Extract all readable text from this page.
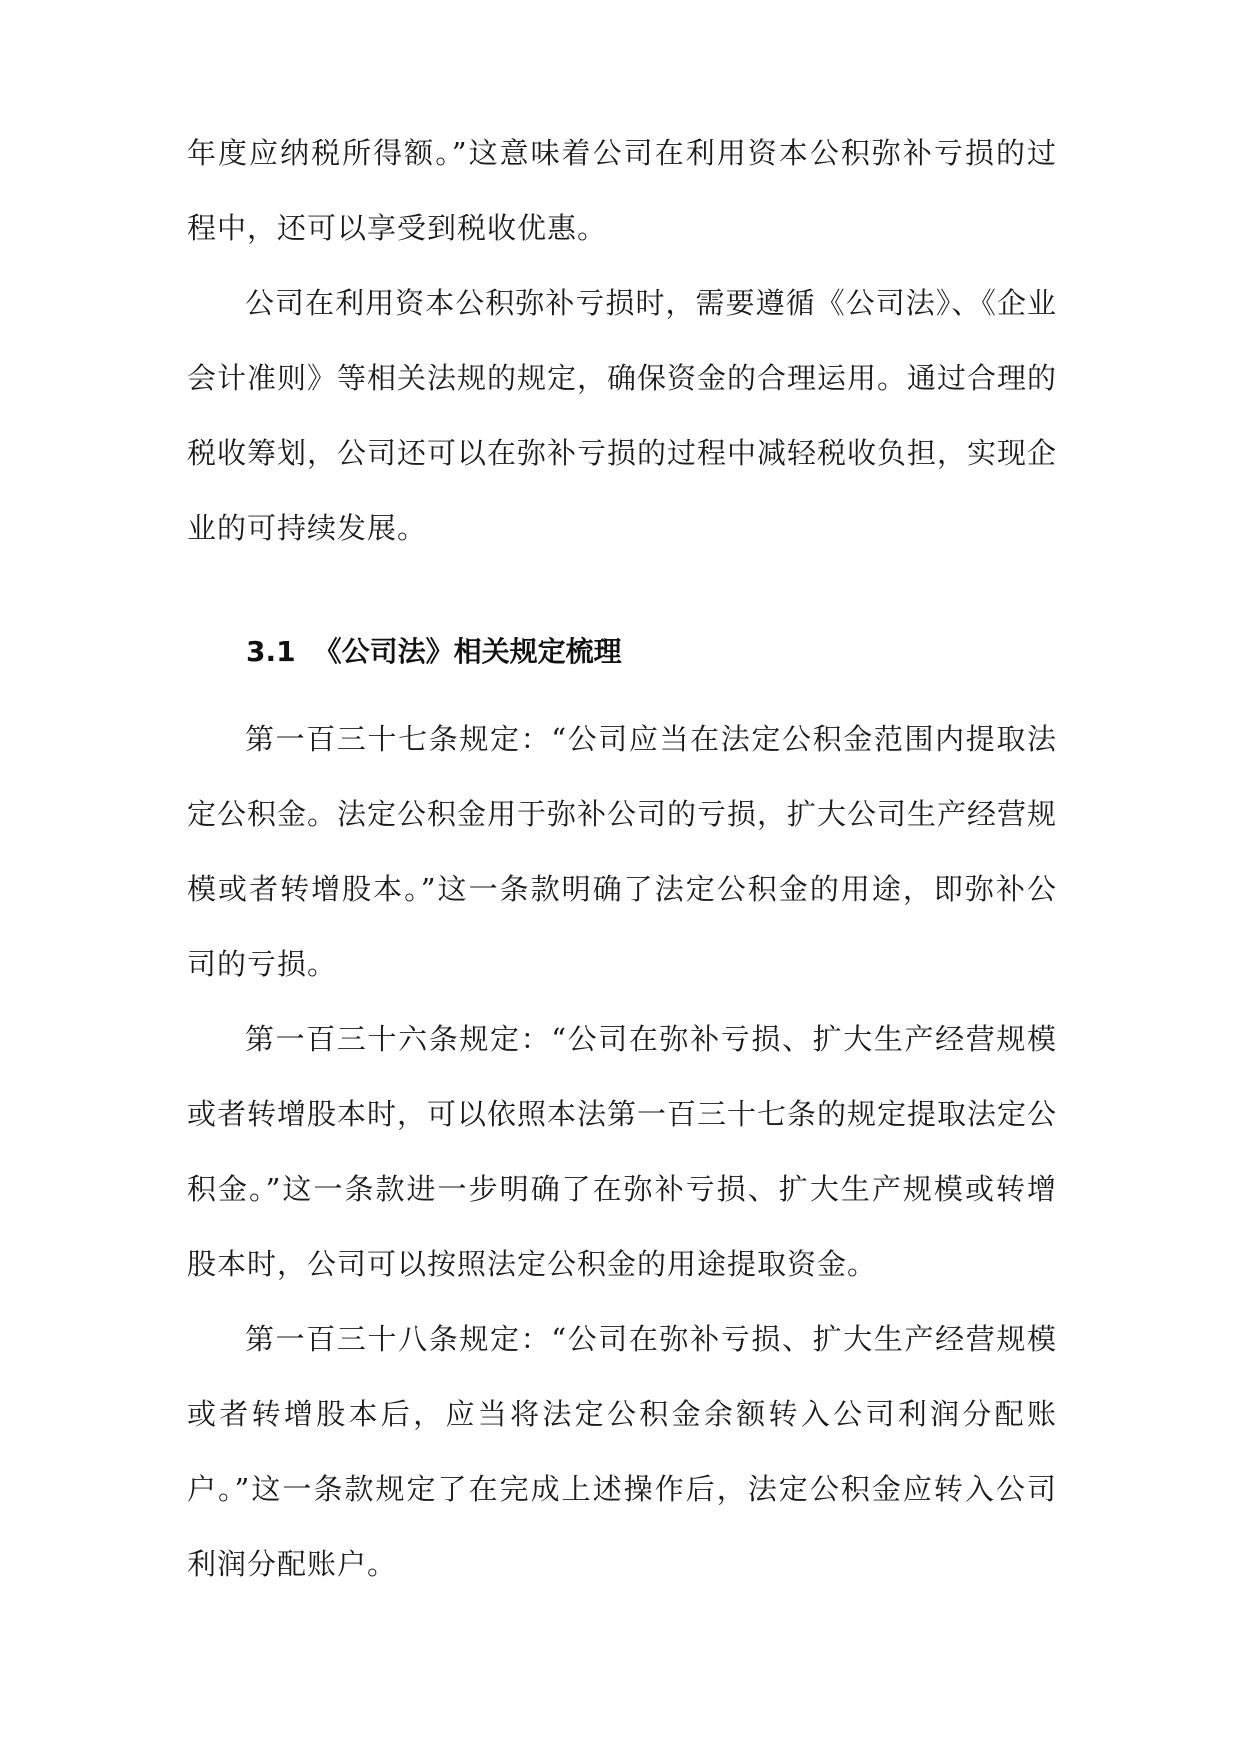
年度应纳税所得额。”这意味着公司在利用资本公积弥补亏损的过程中，还可以享受到税收优惠。

公司在利用资本公积弥补亏损时，需要遵循《公司法》、《企业会计准则》等相关法规的规定，确保资金的合理运用。通过合理的税收筹划，公司还可以在弥补亏损的过程中减轻税收负担，实现企业的可持续发展。

3.1 《公司法》相关规定梳理

第一百三十七条规定：“公司应当在法定公积金范围内提取法定公积金。法定公积金用于弥补公司的亏损，扩大公司生产经营规模或者转增股本。”这一条款明确了法定公积金的用途，即弥补公司的亏损。

第一百三十六条规定：“公司在弥补亏损、扩大生产经营规模或者转增股本时，可以依照本法第一百三十七条的规定提取法定公积金。”这一条款进一步明确了在弥补亏损、扩大生产规模或转增股本时，公司可以按照法定公积金的用途提取资金。

第一百三十八条规定：“公司在弥补亏损、扩大生产经营规模或者转增股本后，应当将法定公积金余额转入公司利润分配账户。”这一条款规定了在完成上述操作后，法定公积金应转入公司利润分配账户。
